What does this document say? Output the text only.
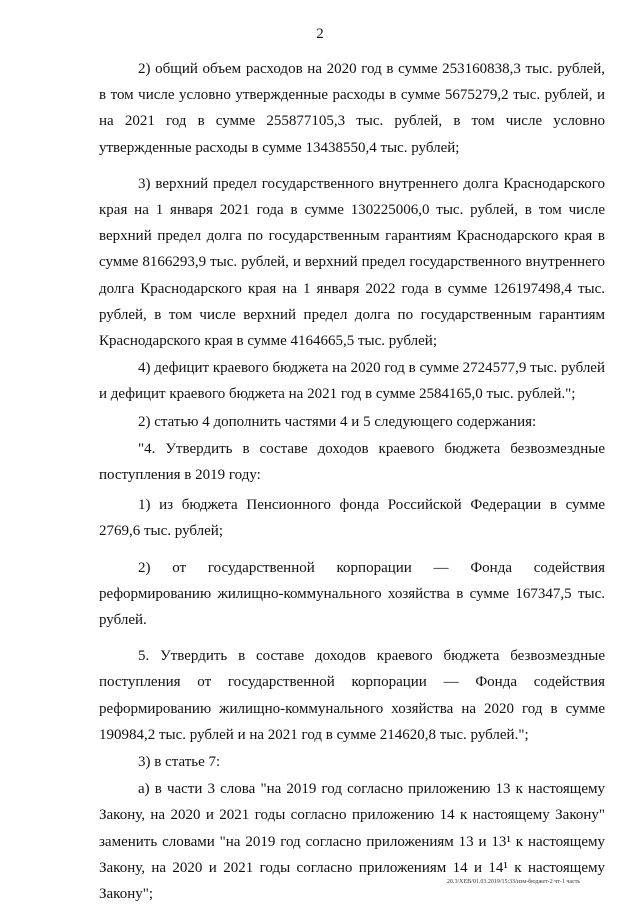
2

2) общий объем расходов на 2020 год в сумме 253160838,3 тыс. рублей, в том числе условно утвержденные расходы в сумме 5675279,2 тыс. рублей, и на 2021 год в сумме 255877105,3 тыс. рублей, в том числе условно утвержденные расходы в сумме 13438550,4 тыс. рублей;

3) верхний предел государственного внутреннего долга Краснодарского края на 1 января 2021 года в сумме 130225006,0 тыс. рублей, в том числе верхний предел долга по государственным гарантиям Краснодарского края в сумме 8166293,9 тыс. рублей, и верхний предел государственного внутреннего долга Краснодарского края на 1 января 2022 года в сумме 126197498,4 тыс. рублей, в том числе верхний предел долга по государственным гарантиям Краснодарского края в сумме 4164665,5 тыс. рублей;

4) дефицит краевого бюджета на 2020 год в сумме 2724577,9 тыс. рублей и дефицит краевого бюджета на 2021 год в сумме 2584165,0 тыс. рублей.";

2) статью 4 дополнить частями 4 и 5 следующего содержания:

"4. Утвердить в составе доходов краевого бюджета безвозмездные поступления в 2019 году:

1) из бюджета Пенсионного фонда Российской Федерации в сумме 2769,6 тыс. рублей;

2) от государственной корпорации — Фонда содействия реформированию жилищно-коммунального хозяйства в сумме 167347,5 тыс. рублей.

5. Утвердить в составе доходов краевого бюджета безвозмездные поступления от государственной корпорации — Фонда содействия реформированию жилищно-коммунального хозяйства на 2020 год в сумме 190984,2 тыс. рублей и на 2021 год в сумме 214620,8 тыс. рублей.";

3) в статье 7:

а) в части 3 слова "на 2019 год согласно приложению 13 к настоящему Закону, на 2020 и 2021 годы согласно приложению 14 к настоящему Закону" заменить словами "на 2019 год согласно приложениям 13 и 13¹ к настоящему Закону, на 2020 и 2021 годы согласно приложениям 14 и 14¹ к настоящему Закону";

20.3/ХЕВ/01.03.2019/15:33/изм-бюджет-2 чт-1 часть
